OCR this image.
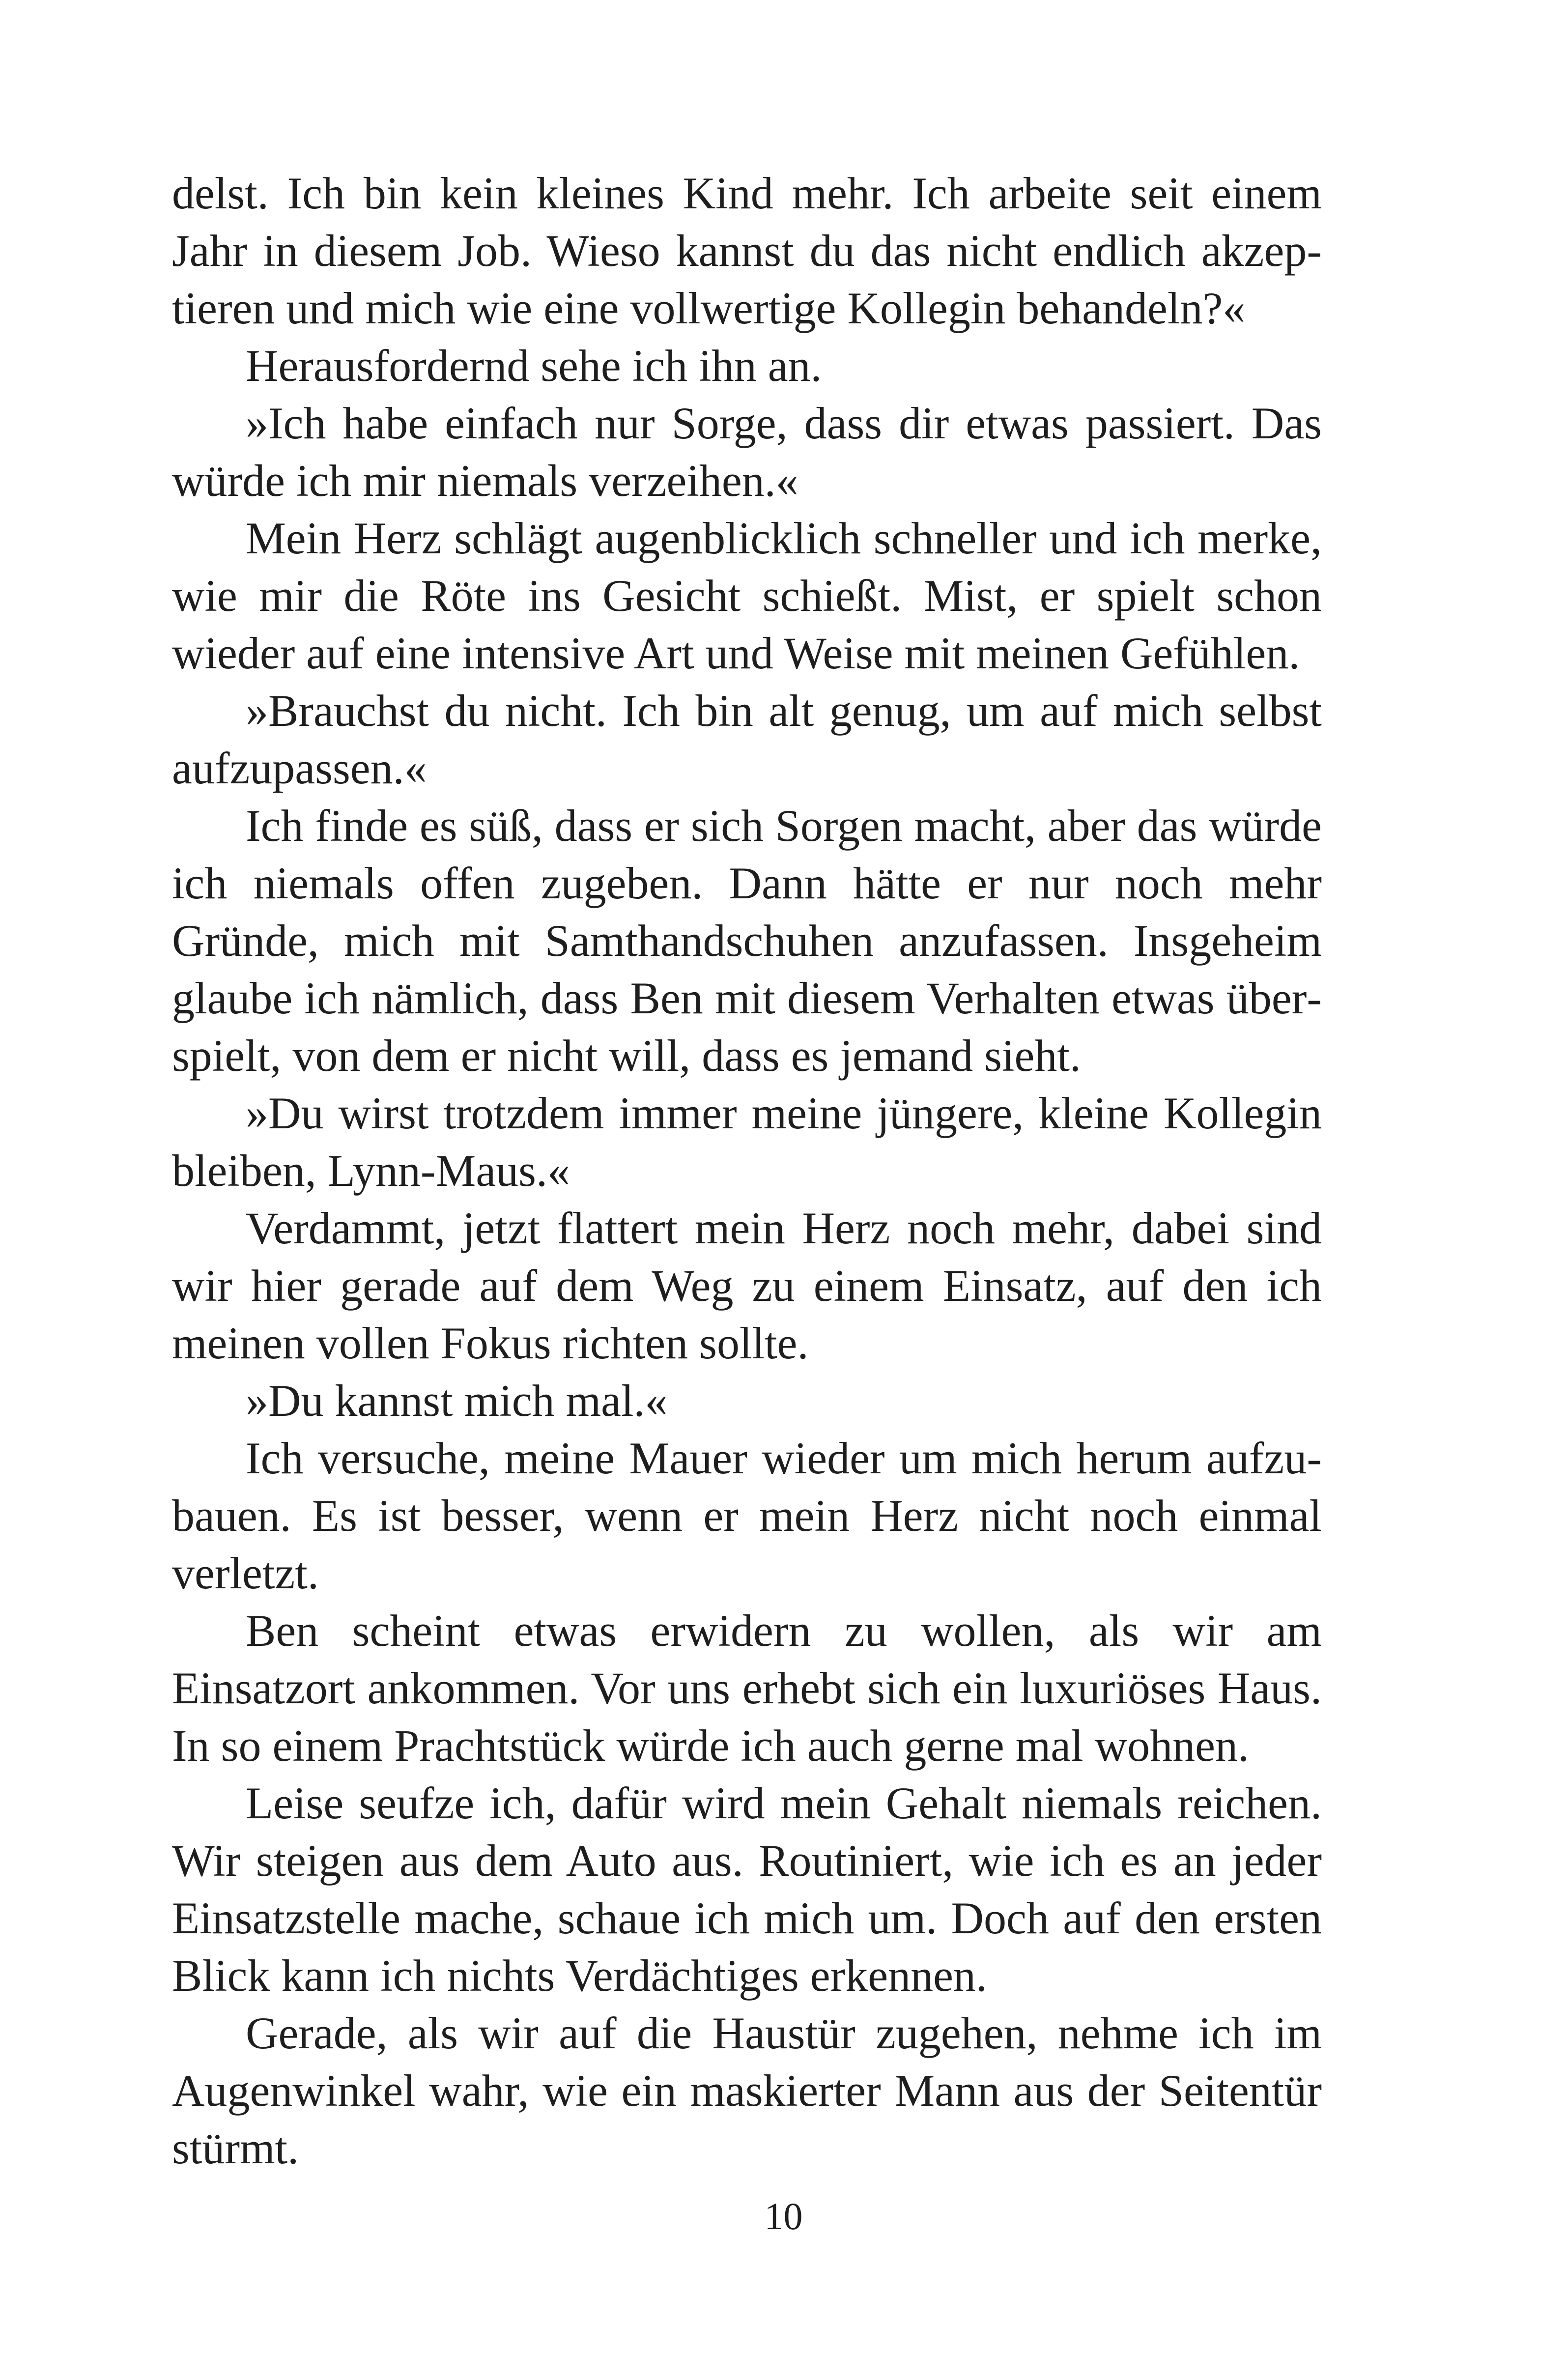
delst. Ich bin kein kleines Kind mehr. Ich arbeite seit einem Jahr in diesem Job. Wieso kannst du das nicht endlich akzeptieren und mich wie eine vollwertige Kollegin behandeln?«

Herausfordernd sehe ich ihn an.

»Ich habe einfach nur Sorge, dass dir etwas passiert. Das würde ich mir niemals verzeihen.«

Mein Herz schlägt augenblicklich schneller und ich merke, wie mir die Röte ins Gesicht schießt. Mist, er spielt schon wieder auf eine intensive Art und Weise mit meinen Gefühlen.

»Brauchst du nicht. Ich bin alt genug, um auf mich selbst aufzupassen.«

Ich finde es süß, dass er sich Sorgen macht, aber das würde ich niemals offen zugeben. Dann hätte er nur noch mehr Gründe, mich mit Samthandschuhen anzufassen. Insgeheim glaube ich nämlich, dass Ben mit diesem Verhalten etwas überspielt, von dem er nicht will, dass es jemand sieht.

»Du wirst trotzdem immer meine jüngere, kleine Kollegin bleiben, Lynn-Maus.«

Verdammt, jetzt flattert mein Herz noch mehr, dabei sind wir hier gerade auf dem Weg zu einem Einsatz, auf den ich meinen vollen Fokus richten sollte.

»Du kannst mich mal.«

Ich versuche, meine Mauer wieder um mich herum aufzubauen. Es ist besser, wenn er mein Herz nicht noch einmal verletzt.

Ben scheint etwas erwidern zu wollen, als wir am Einsatzort ankommen. Vor uns erhebt sich ein luxuriöses Haus. In so einem Prachtstück würde ich auch gerne mal wohnen.

Leise seufze ich, dafür wird mein Gehalt niemals reichen. Wir steigen aus dem Auto aus. Routiniert, wie ich es an jeder Einsatzstelle mache, schaue ich mich um. Doch auf den ersten Blick kann ich nichts Verdächtiges erkennen.

Gerade, als wir auf die Haustür zugehen, nehme ich im Augenwinkel wahr, wie ein maskierter Mann aus der Seitentür stürmt.

10
